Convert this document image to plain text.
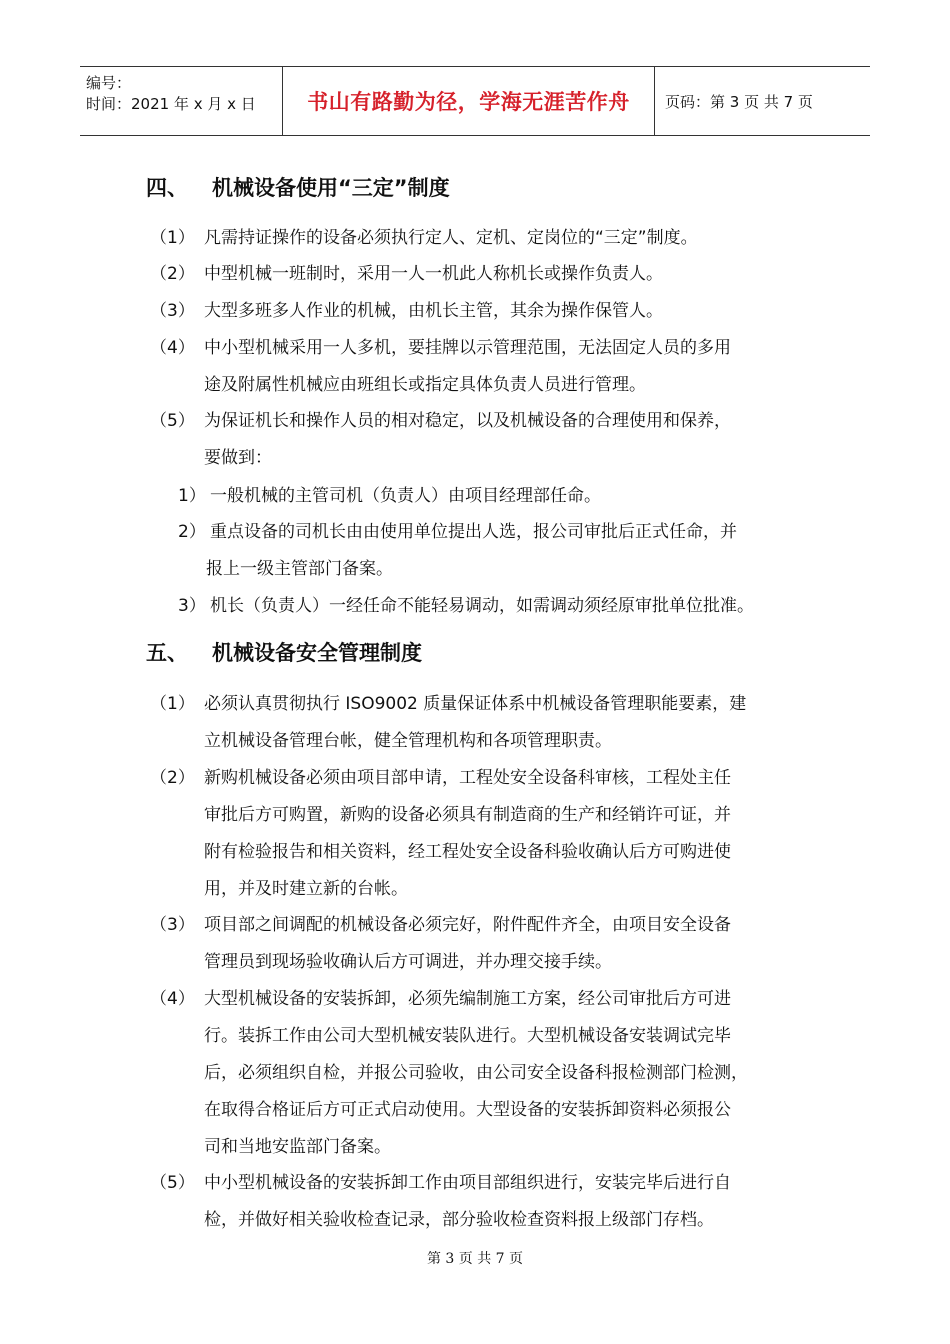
编号：
时间：2021 年 x 月 x 日	书山有路勤为径，学海无涯苦作舟 页码：第 3 页 共 7 页
四、 机械设备使用“三定”制度
（1） 凡需持证操作的设备必须执行定人、定机、定岗位的“三定”制度。
（2） 中型机械一班制时，采用一人一机此人称机长或操作负责人。
（3） 大型多班多人作业的机械，由机长主管，其余为操作保管人。
（4） 中小型机械采用一人多机，要挂牌以示管理范围，无法固定人员的多用
途及附属性机械应由班组长或指定具体负责人员进行管理。
（5） 为保证机长和操作人员的相对稳定，以及机械设备的合理使用和保养，
要做到：
1） 一般机械的主管司机（负责人）由项目经理部任命。
2） 重点设备的司机长由由使用单位提出人选，报公司审批后正式任命，并
报上一级主管部门备案。
3） 机长（负责人）一经任命不能轻易调动，如需调动须经原审批单位批准。
五、 机械设备安全管理制度
（1） 必须认真贯彻执行 ISO9002 质量保证体系中机械设备管理职能要素，建
立机械设备管理台帐，健全管理机构和各项管理职责。
（2） 新购机械设备必须由项目部申请，工程处安全设备科审核，工程处主任
审批后方可购置，新购的设备必须具有制造商的生产和经销许可证，并
附有检验报告和相关资料，经工程处安全设备科验收确认后方可购进使
用，并及时建立新的台帐。
（3） 项目部之间调配的机械设备必须完好，附件配件齐全，由项目安全设备
管理员到现场验收确认后方可调进，并办理交接手续。
（4） 大型机械设备的安装拆卸，必须先编制施工方案，经公司审批后方可进
行。装拆工作由公司大型机械安装队进行。大型机械设备安装调试完毕
后，必须组织自检，并报公司验收，由公司安全设备科报检测部门检测，
在取得合格证后方可正式启动使用。大型设备的安装拆卸资料必须报公
司和当地安监部门备案。
（5） 中小型机械设备的安装拆卸工作由项目部组织进行，安装完毕后进行自
检，并做好相关验收检查记录，部分验收检查资料报上级部门存档。
第 3 页 共 7 页
